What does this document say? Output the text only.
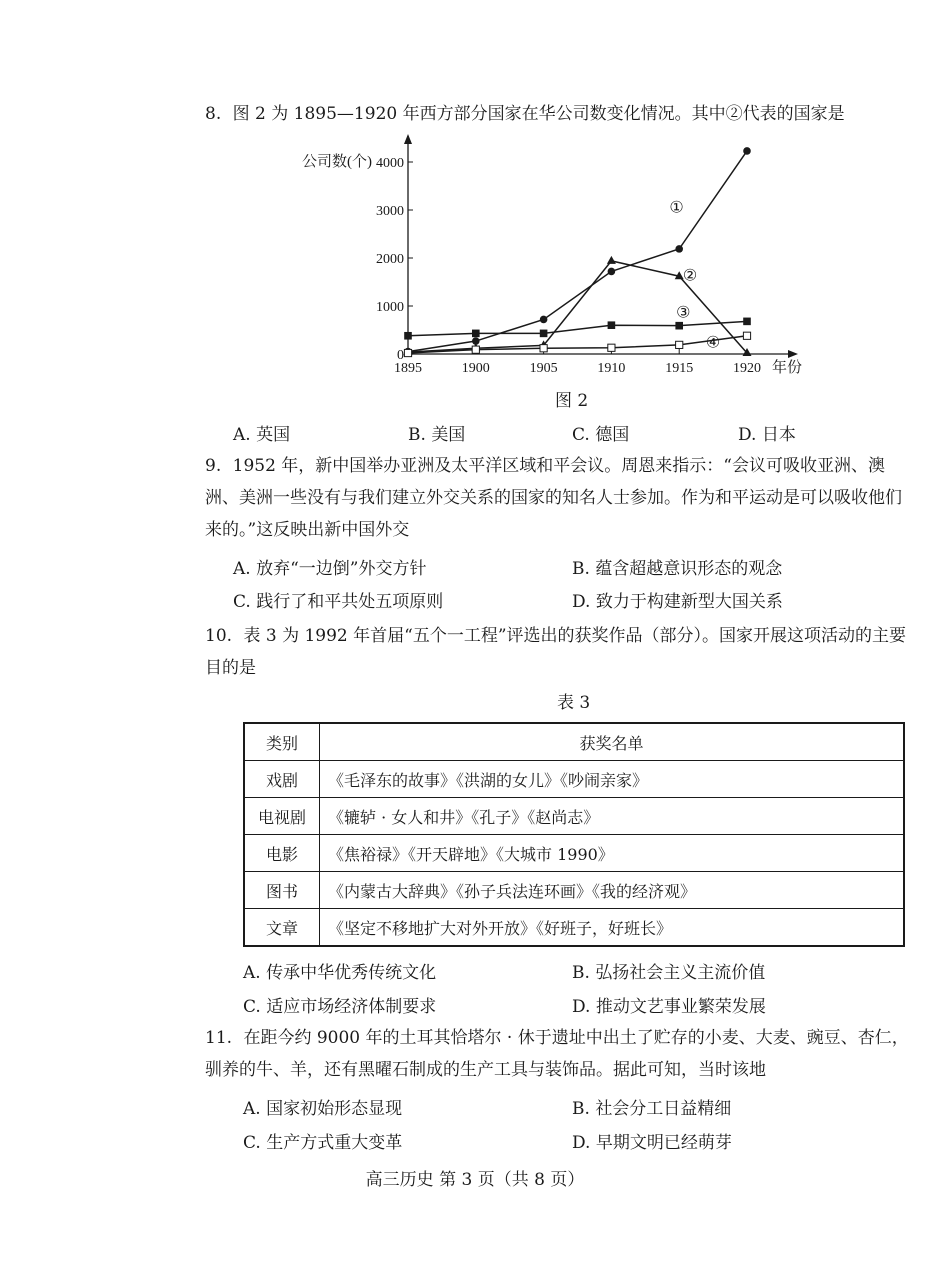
8. 图 2 为 1895—1920 年西方部分国家在华公司数变化情况。其中②代表的国家是
0
1000
2000
3000
4000
1895	1900	1905	1910	1915	1920
①
②
③
④
公司数(个)
年份
图 2
A. 英国	B. 美国	C. 德国	D. 日本
9. 1952 年，新中国举办亚洲及太平洋区域和平会议。周恩来指示：“会议可吸收亚洲、澳洲、美洲一些没有与我们建立外交关系的国家的知名人士参加。作为和平运动是可以吸收他们来的。”这反映出新中国外交
A. 放弃“一边倒”外交方针	B. 蕴含超越意识形态的观念
C. 践行了和平共处五项原则	D. 致力于构建新型大国关系
10. 表 3 为 1992 年首届“五个一工程”评选出的获奖作品（部分）。国家开展这项活动的主要目的是
表 3
类别	获奖名单
戏剧	《毛泽东的故事》《洪湖的女儿》《吵闹亲家》
电视剧	《辘轳 · 女人和井》《孔子》《赵尚志》
电影	《焦裕禄》《开天辟地》《大城市 1990》
图书	《内蒙古大辞典》《孙子兵法连环画》《我的经济观》
文章	《坚定不移地扩大对外开放》《好班子，好班长》
A. 传承中华优秀传统文化	B. 弘扬社会主义主流价值
C. 适应市场经济体制要求	D. 推动文艺事业繁荣发展
11. 在距今约 9000 年的土耳其恰塔尔 · 休于遗址中出土了贮存的小麦、大麦、豌豆、杏仁，驯养的牛、羊，还有黑曜石制成的生产工具与装饰品。据此可知，当时该地
A. 国家初始形态显现	B. 社会分工日益精细
C. 生产方式重大变革	D. 早期文明已经萌芽
高三历史 第 3 页（共 8 页）
